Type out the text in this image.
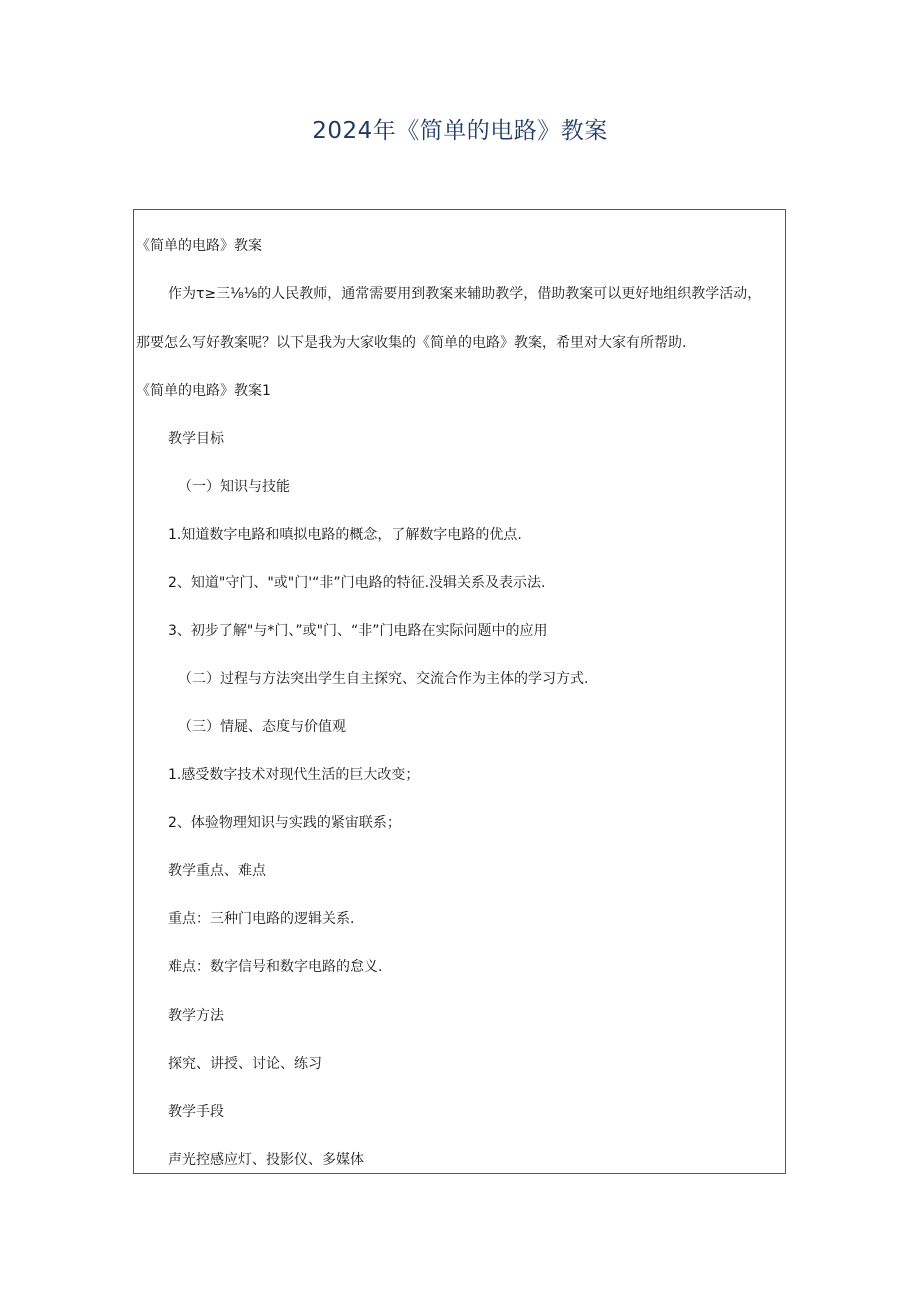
2024年《简单的电路》教案
《简单的电路》教案
作为τ≥三⅛⅛的人民教师，通常需要用到教案来辅助教学，借助教案可以更好地组织教学活动，
那要怎么写好教案呢？以下是我为大家收集的《简单的电路》教案，希里对大家有所帮助.
《简单的电路》教案1
教学目标
（一）知识与技能
1.知道数字电路和嗔拟电路的概念，了解数字电路的优点.
2、知道"守门、"或"门'“非”门电路的特征.没辑关系及表示法.
3、初步了解"与*门、”或"门、“非”门电路在实际问题中的应用
（二）过程与方法突出学生自主探究、交流合作为主体的学习方式.
（三）情屣、态度与价值观
1.感受数字技术对现代生活的巨大改变；
2、体验物理知识与实践的紧宙联系；
教学重点、难点
重点：三种门电路的逻辑关系.
难点：数字信号和数字电路的怠义.
教学方法
探究、讲授、讨论、练习
教学手段
声光控感应灯、投影仪、多媒体
